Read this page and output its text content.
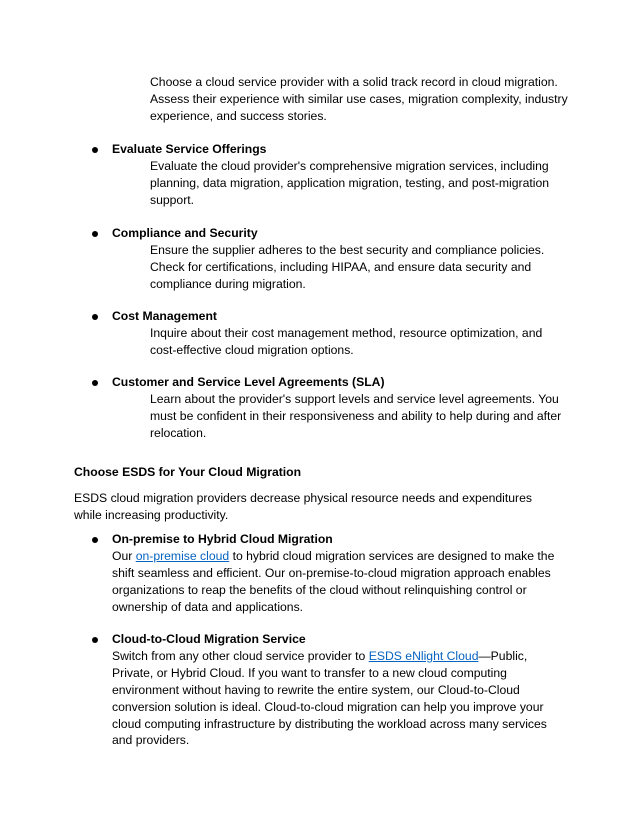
Choose a cloud service provider with a solid track record in cloud migration. Assess their experience with similar use cases, migration complexity, industry experience, and success stories.

Evaluate Service Offerings

Evaluate the cloud provider's comprehensive migration services, including planning, data migration, application migration, testing, and post-migration support.

Compliance and Security

Ensure the supplier adheres to the best security and compliance policies. Check for certifications, including HIPAA, and ensure data security and compliance during migration.

Cost Management

Inquire about their cost management method, resource optimization, and cost-effective cloud migration options.

Customer and Service Level Agreements (SLA)

Learn about the provider's support levels and service level agreements. You must be confident in their responsiveness and ability to help during and after relocation.

Choose ESDS for Your Cloud Migration

ESDS cloud migration providers decrease physical resource needs and expenditures while increasing productivity.

On-premise to Hybrid Cloud Migration

Our on-premise cloud to hybrid cloud migration services are designed to make the shift seamless and efficient. Our on-premise-to-cloud migration approach enables organizations to reap the benefits of the cloud without relinquishing control or ownership of data and applications.

Cloud-to-Cloud Migration Service

Switch from any other cloud service provider to ESDS eNlight Cloud—Public, Private, or Hybrid Cloud. If you want to transfer to a new cloud computing environment without having to rewrite the entire system, our Cloud-to-Cloud conversion solution is ideal. Cloud-to-cloud migration can help you improve your cloud computing infrastructure by distributing the workload across many services and providers.
